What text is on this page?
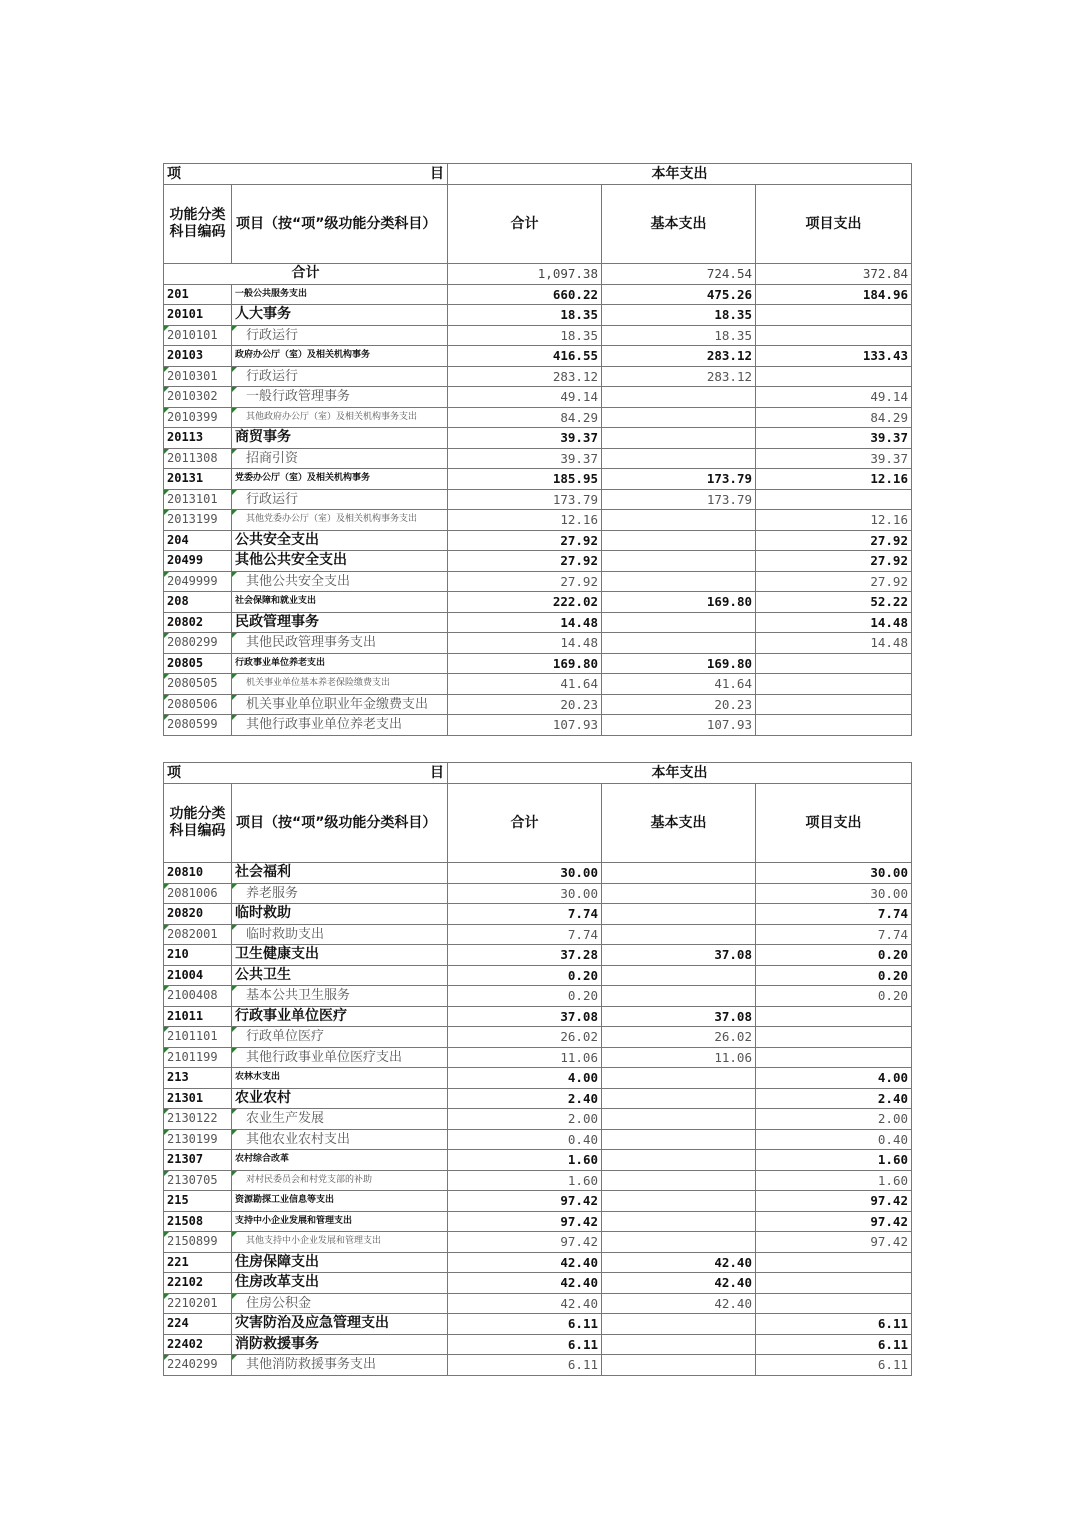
项	目	本年支出		
功能分类科目编码	项目（按“项”级功能分类科目）	合计	基本支出	项目支出
合计		1,097.38	724.54	372.84
201	一般公共服务支出	660.22	475.26	184.96
20101	人大事务	18.35	18.35	
2010101	行政运行	18.35	18.35	
20103	政府办公厅（室）及相关机构事务	416.55	283.12	133.43
2010301	行政运行	283.12	283.12	
2010302	一般行政管理事务	49.14		49.14
2010399	其他政府办公厅（室）及相关机构事务支出	84.29		84.29
20113	商贸事务	39.37		39.37
2011308	招商引资	39.37		39.37
20131	党委办公厅（室）及相关机构事务	185.95	173.79	12.16
2013101	行政运行	173.79	173.79	
2013199	其他党委办公厅（室）及相关机构事务支出	12.16		12.16
204	公共安全支出	27.92		27.92
20499	其他公共安全支出	27.92		27.92
2049999	其他公共安全支出	27.92		27.92
208	社会保障和就业支出	222.02	169.80	52.22
20802	民政管理事务	14.48		14.48
2080299	其他民政管理事务支出	14.48		14.48
20805	行政事业单位养老支出	169.80	169.80	
2080505	机关事业单位基本养老保险缴费支出	41.64	41.64	
2080506	机关事业单位职业年金缴费支出	20.23	20.23	
2080599	其他行政事业单位养老支出	107.93	107.93	
项	目	本年支出		
功能分类科目编码	项目（按“项”级功能分类科目）	合计	基本支出	项目支出
20810	社会福利	30.00		30.00
2081006	养老服务	30.00		30.00
20820	临时救助	7.74		7.74
2082001	临时救助支出	7.74		7.74
210	卫生健康支出	37.28	37.08	0.20
21004	公共卫生	0.20		0.20
2100408	基本公共卫生服务	0.20		0.20
21011	行政事业单位医疗	37.08	37.08	
2101101	行政单位医疗	26.02	26.02	
2101199	其他行政事业单位医疗支出	11.06	11.06	
213	农林水支出	4.00		4.00
21301	农业农村	2.40		2.40
2130122	农业生产发展	2.00		2.00
2130199	其他农业农村支出	0.40		0.40
21307	农村综合改革	1.60		1.60
2130705	对村民委员会和村党支部的补助	1.60		1.60
215	资源勘探工业信息等支出	97.42		97.42
21508	支持中小企业发展和管理支出	97.42		97.42
2150899	其他支持中小企业发展和管理支出	97.42		97.42
221	住房保障支出	42.40	42.40	
22102	住房改革支出	42.40	42.40	
2210201	住房公积金	42.40	42.40	
224	灾害防治及应急管理支出	6.11		6.11
22402	消防救援事务	6.11		6.11
2240299	其他消防救援事务支出	6.11		6.11
